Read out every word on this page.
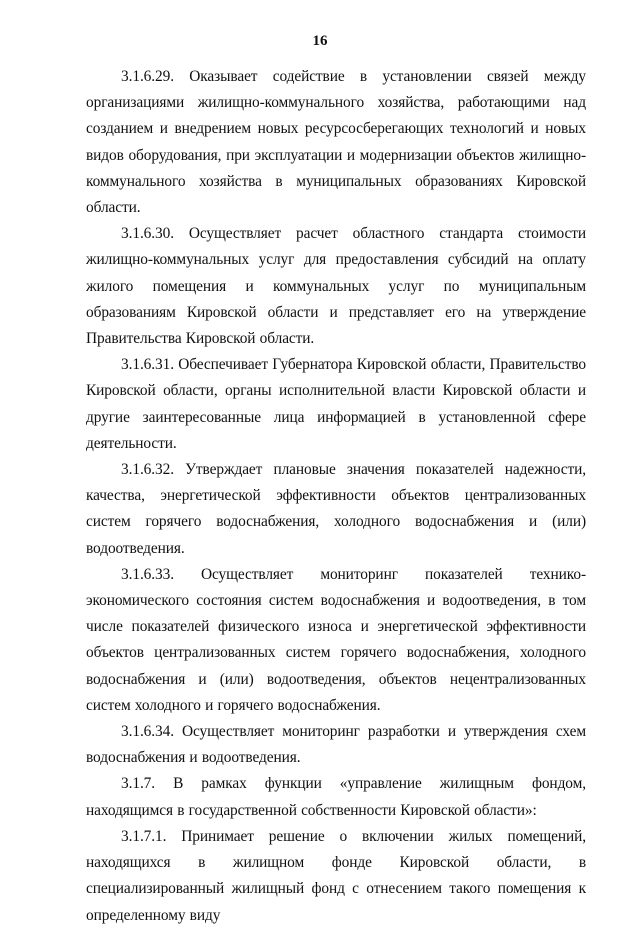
16

3.1.6.29. Оказывает содействие в установлении связей между организациями жилищно-коммунального хозяйства, работающими над созданием и внедрением новых ресурсосберегающих технологий и новых видов оборудования, при эксплуатации и модернизации объектов жилищно-коммунального хозяйства в муниципальных образованиях Кировской области.

3.1.6.30. Осуществляет расчет областного стандарта стоимости жилищно-коммунальных услуг для предоставления субсидий на оплату жилого помещения и коммунальных услуг по муниципальным образованиям Кировской области и представляет его на утверждение Правительства Кировской области.

3.1.6.31. Обеспечивает Губернатора Кировской области, Правительство Кировской области, органы исполнительной власти Кировской области и другие заинтересованные лица информацией в установленной сфере деятельности.

3.1.6.32. Утверждает плановые значения показателей надежности, качества, энергетической эффективности объектов централизованных систем горячего водоснабжения, холодного водоснабжения и (или) водоотведения.

3.1.6.33. Осуществляет мониторинг показателей технико-экономического состояния систем водоснабжения и водоотведения, в том числе показателей физического износа и энергетической эффективности объектов централизованных систем горячего водоснабжения, холодного водоснабжения и (или) водоотведения, объектов нецентрализованных систем холодного и горячего водоснабжения.

3.1.6.34. Осуществляет мониторинг разработки и утверждения схем водоснабжения и водоотведения.

3.1.7. В рамках функции «управление жилищным фондом, находящимся в государственной собственности Кировской области»:

3.1.7.1. Принимает решение о включении жилых помещений, находящихся в жилищном фонде Кировской области, в специализированный жилищный фонд с отнесением такого помещения к определенному виду
